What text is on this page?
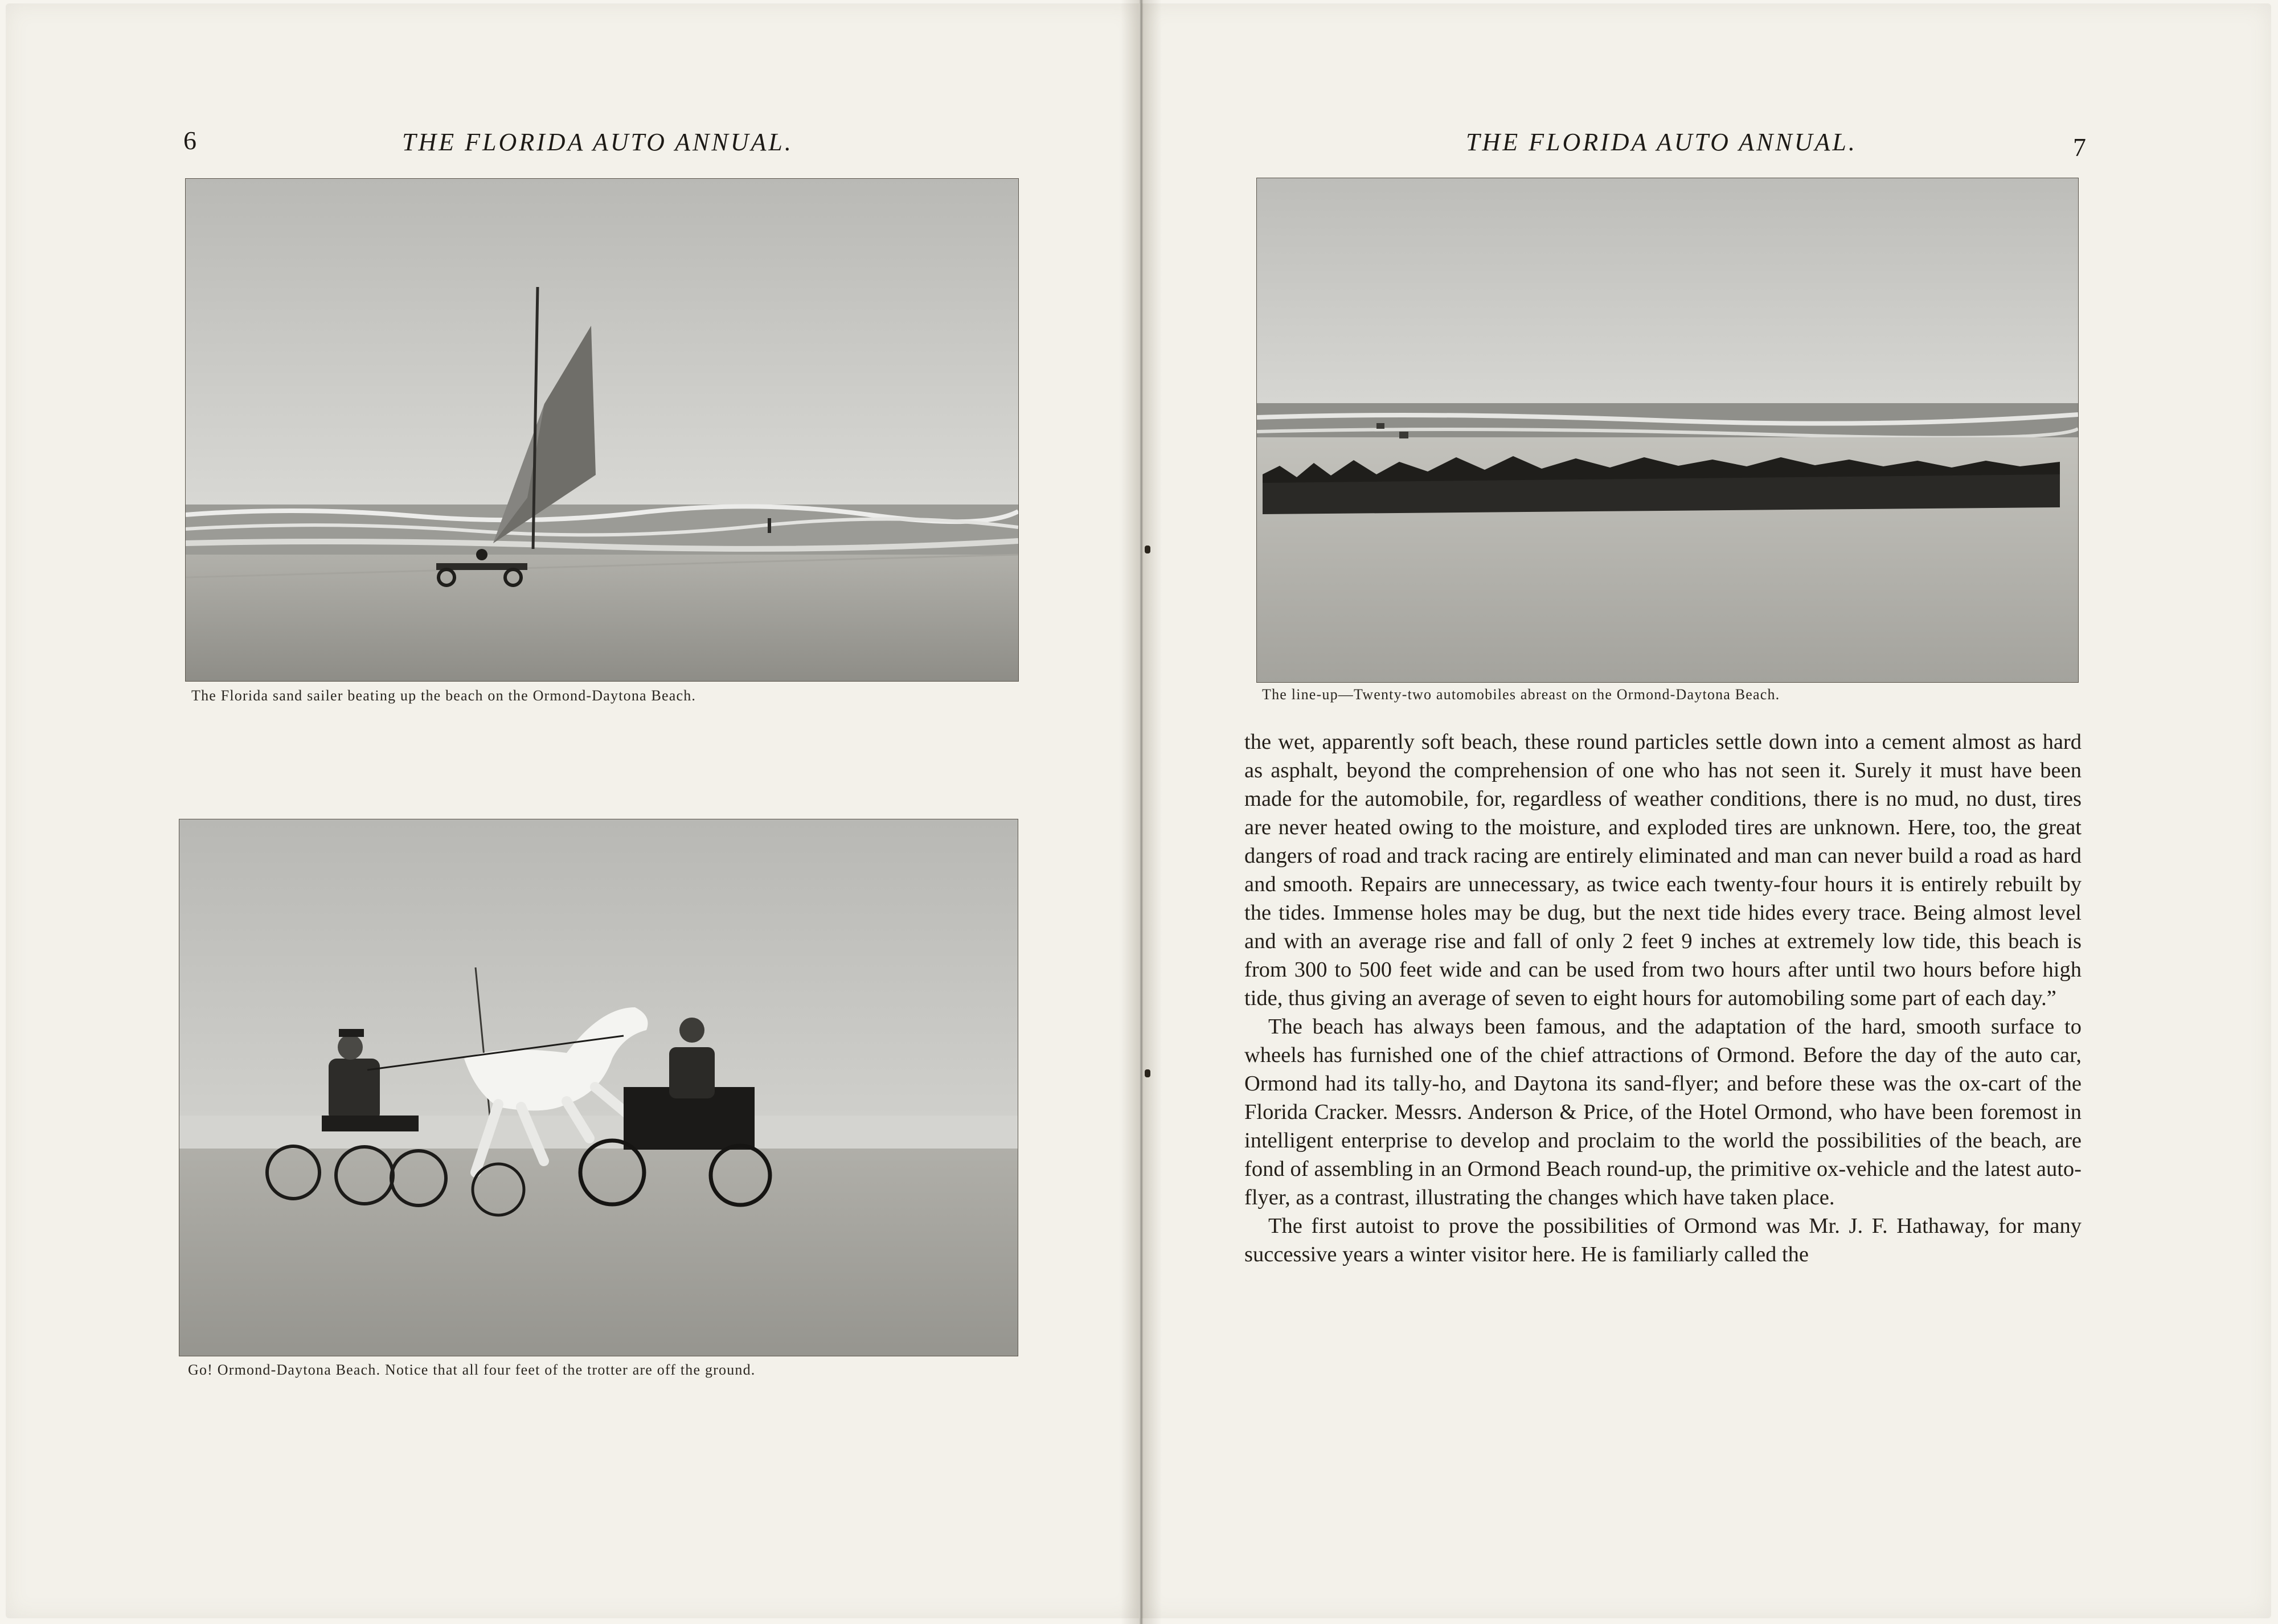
6	THE FLORIDA AUTO ANNUAL.
The Florida sand sailer beating up the beach on the Ormond-Daytona Beach.
Go! Ormond-Daytona Beach. Notice that all four feet of the trotter are off the ground.
THE FLORIDA AUTO ANNUAL.	7
The line-up—Twenty-two automobiles abreast on the Ormond-Daytona Beach.

the wet, apparently soft beach, these round particles settle down into a cement almost as hard as asphalt, beyond the comprehension of one who has not seen it. Surely it must have been made for the automobile, for, regardless of weather conditions, there is no mud, no dust, tires are never heated owing to the moisture, and exploded tires are unknown. Here, too, the great dangers of road and track racing are entirely eliminated and man can never build a road as hard and smooth. Repairs are unnecessary, as twice each twenty-four hours it is entirely rebuilt by the tides. Immense holes may be dug, but the next tide hides every trace. Being almost level and with an average rise and fall of only 2 feet 9 inches at extremely low tide, this beach is from 300 to 500 feet wide and can be used from two hours after until two hours before high tide, thus giving an average of seven to eight hours for automobiling some part of each day.”

The beach has always been famous, and the adaptation of the hard, smooth surface to wheels has furnished one of the chief attractions of Ormond. Before the day of the auto car, Ormond had its tally-ho, and Daytona its sand-flyer; and before these was the ox-cart of the Florida Cracker. Messrs. Anderson & Price, of the Hotel Ormond, who have been foremost in intelligent enterprise to develop and proclaim to the world the possibilities of the beach, are fond of assembling in an Ormond Beach round-up, the primitive ox-vehicle and the latest auto-flyer, as a contrast, illustrating the changes which have taken place.

The first autoist to prove the possibilities of Ormond was Mr. J. F. Hathaway, for many successive years a winter visitor here. He is familiarly called the
